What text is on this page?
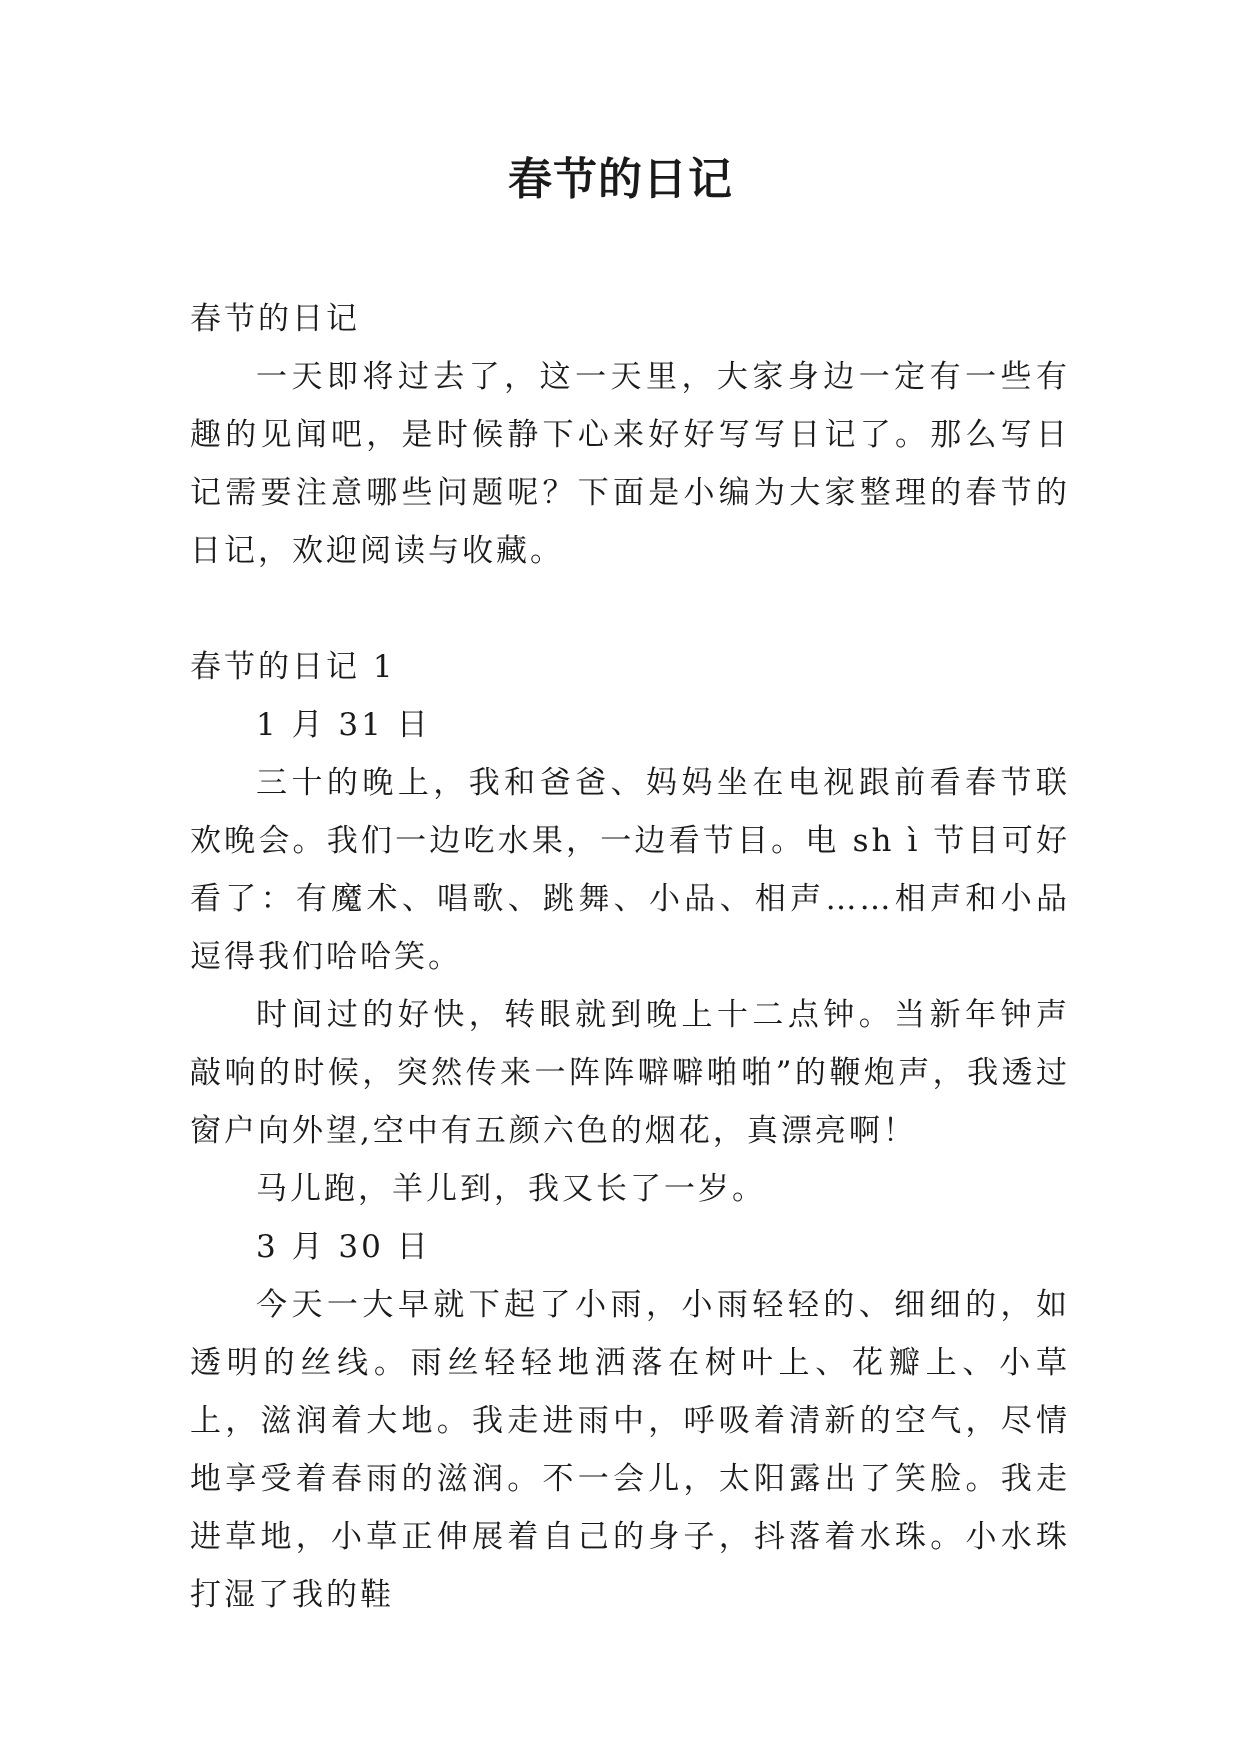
春节的日记

春节的日记

一天即将过去了，这一天里，大家身边一定有一些有趣的见闻吧，是时候静下心来好好写写日记了。那么写日记需要注意哪些问题呢？下面是小编为大家整理的春节的日记，欢迎阅读与收藏。

春节的日记 1

1 月 31 日

三十的晚上，我和爸爸、妈妈坐在电视跟前看春节联欢晚会。我们一边吃水果，一边看节目。电 sh ì 节目可好看了：有魔术、唱歌、跳舞、小品、相声……相声和小品逗得我们哈哈笑。

时间过的好快，转眼就到晚上十二点钟。当新年钟声敲响的时候，突然传来一阵阵噼噼啪啪”的鞭炮声，我透过窗户向外望,空中有五颜六色的烟花，真漂亮啊！

马儿跑，羊儿到，我又长了一岁。

3 月 30 日

今天一大早就下起了小雨，小雨轻轻的、细细的，如透明的丝线。雨丝轻轻地洒落在树叶上、花瓣上、小草上，滋润着大地。我走进雨中，呼吸着清新的空气，尽情地享受着春雨的滋润。不一会儿，太阳露出了笑脸。我走进草地，小草正伸展着自己的身子，抖落着水珠。小水珠打湿了我的鞋
